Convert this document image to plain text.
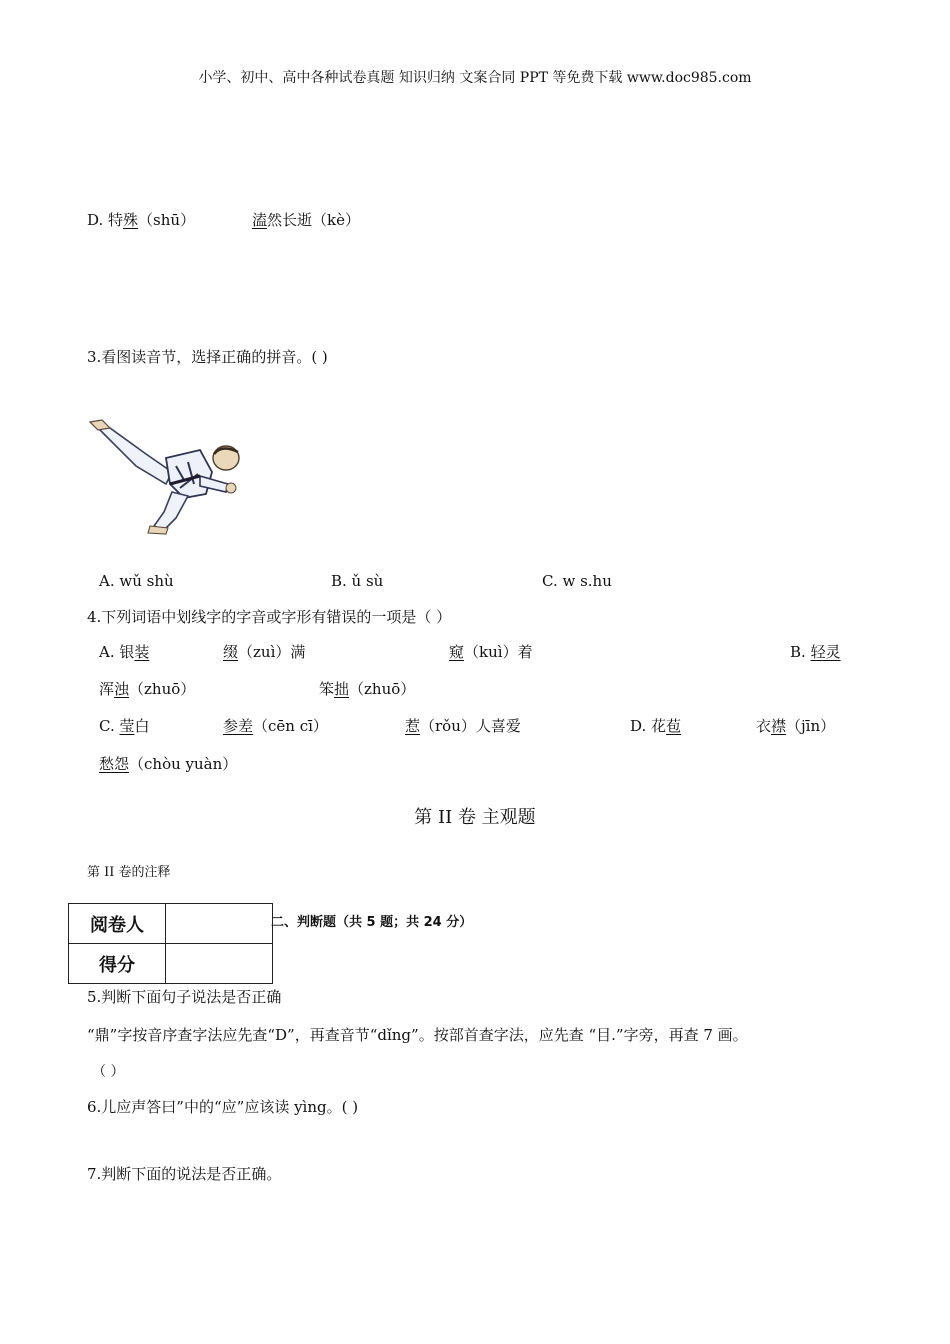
小学、初中、高中各种试卷真题 知识归纳 文案合同 PPT 等免费下载 www.doc985.com
D. 特殊（shū）	溘然长逝（kè）
3.看图读音节，选择正确的拼音。( )
A. wǔ shù	B. ǔ sù	C. w s.hu
4.下列词语中划线字的字音或字形有错误的一项是（ ）
A. 银装	缀（zuì）满	窥（kuì）着	B. 轻灵
浑浊（zhuō）	笨拙（zhuō）
C. 莹白	参差（cēn cī）	惹（rǒu）人喜爱	D. 花苞	衣襟（jīn）
愁怨（chòu yuàn）
第 II 卷 主观题
第 II 卷的注释
阅卷人	
得分	
二、判断题（共 5 题；共 24 分）
5.判断下面句子说法是否正确
“鼎”字按音序查字法应先查“D”，再查音节“dǐng”。按部首查字法，应先查 “目.”字旁，再查 7 画。
（ ）
6.儿应声答曰”中的“应”应该读 yìng。( )
7.判断下面的说法是否正确。
